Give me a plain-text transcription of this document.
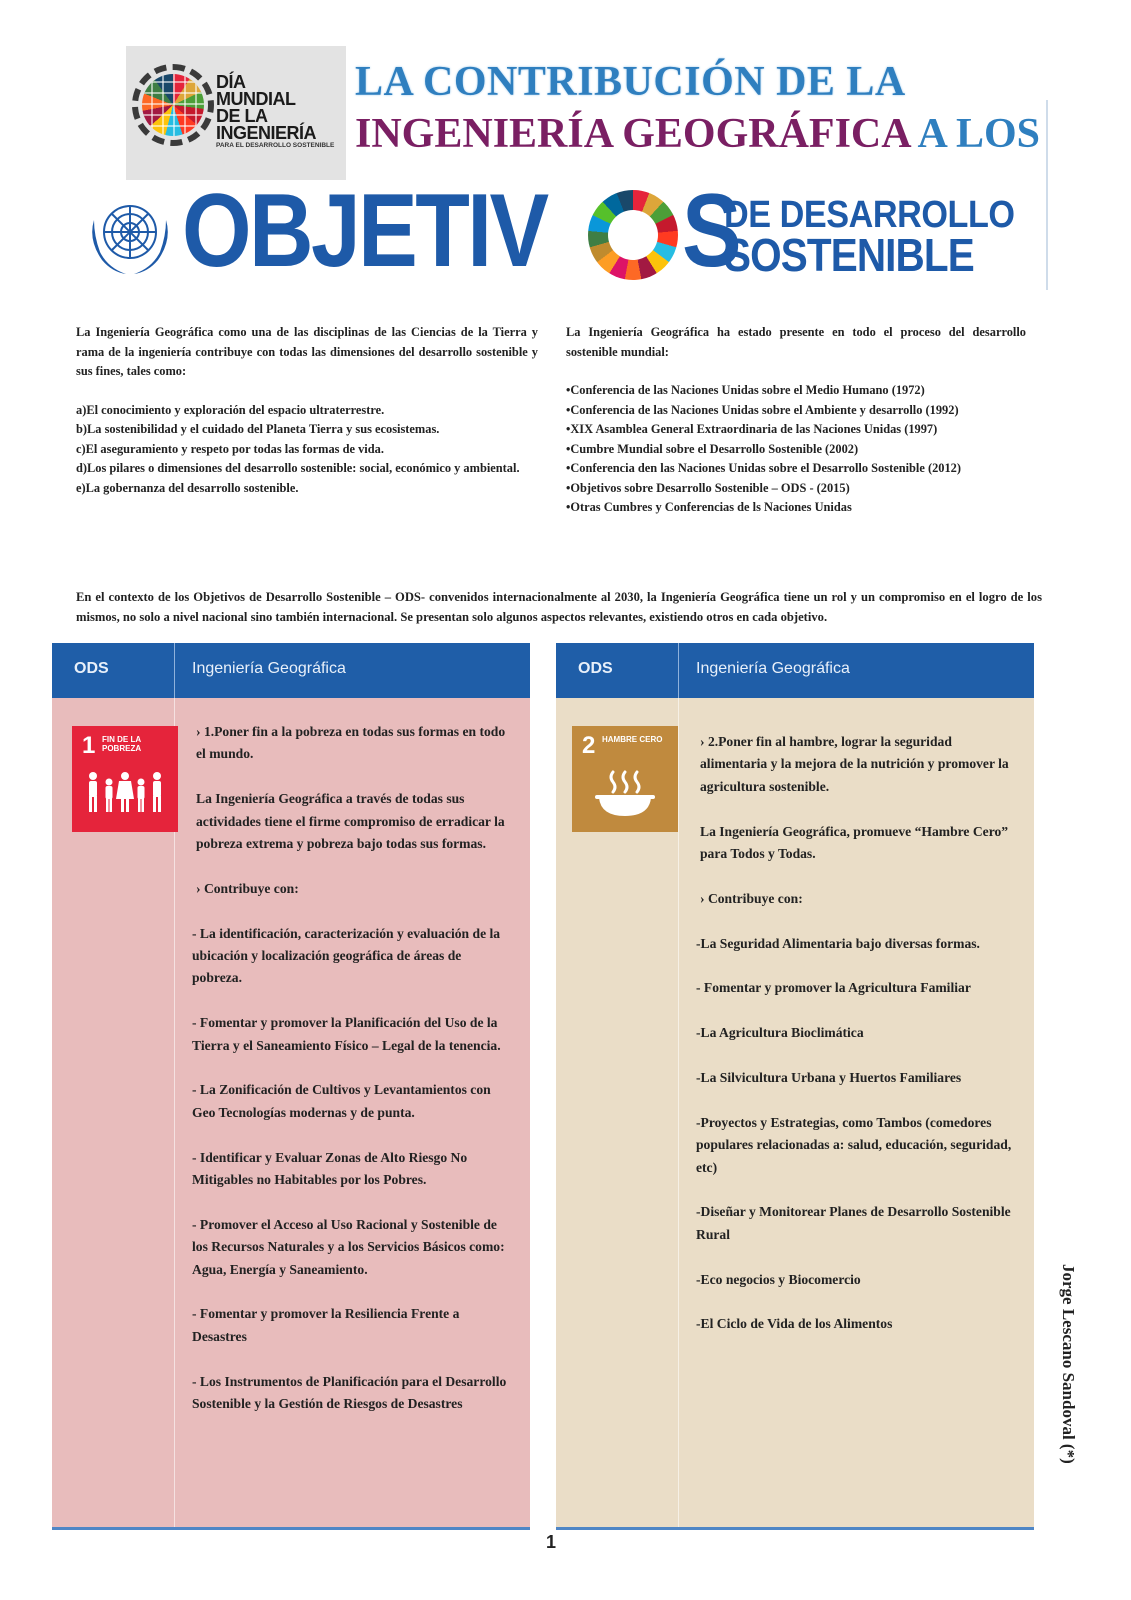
DÍA
MUNDIAL
DE LA INGENIERÍA
PARA EL DESARROLLO SOSTENIBLE
LA CONTRIBUCIÓN DE LA
INGENIERÍA GEOGRÁFICA A LOS
OBJETIV S
DE DESARROLLO
SOSTENIBLE

La Ingeniería Geográfica como una de las disciplinas de las Ciencias de la Tierra y rama de la ingeniería contribuye con todas las dimensiones del desarrollo sostenible y sus fines, tales como:

a)El conocimiento y exploración del espacio ultraterrestre.

b)La sostenibilidad y el cuidado del Planeta Tierra y sus ecosistemas.

c)El aseguramiento y respeto por todas las formas de vida.

d)Los pilares o dimensiones del desarrollo sostenible: social, económico y ambiental.

e)La gobernanza del desarrollo sostenible.

La Ingeniería Geográfica ha estado presente en todo el proceso del desarrollo sostenible mundial:

• Conferencia de las Naciones Unidas sobre el Medio Humano (1972)

• Conferencia de las Naciones Unidas sobre el Ambiente y desarrollo (1992)

• XIX Asamblea General Extraordinaria de las Naciones Unidas (1997)

• Cumbre Mundial sobre el Desarrollo Sostenible (2002)

• Conferencia den las Naciones Unidas sobre el Desarrollo Sostenible (2012)

• Objetivos sobre Desarrollo Sostenible – ODS - (2015)

• Otras Cumbres y Conferencias de ls Naciones Unidas

En el contexto de los Objetivos de Desarrollo Sostenible – ODS- convenidos internacionalmente al 2030, la Ingeniería Geográfica tiene un rol y un compromiso en el logro de los mismos, no solo a nivel nacional sino también internacional. Se presentan solo algunos aspectos relevantes, existiendo otros en cada objetivo.

ODS	Ingeniería Geográfica
1 FIN DE LA POBREZA
› 1.Poner fin a la pobreza en todas sus formas en todo el mundo.
La Ingeniería Geográfica a través de todas sus actividades tiene el firme compromiso de erradicar la pobreza extrema y pobreza bajo todas sus formas.
› Contribuye con:
- La identificación, caracterización y evaluación de la ubicación y localización geográfica de áreas de pobreza.
- Fomentar y promover la Planificación del Uso de la Tierra y el Saneamiento Físico – Legal de la tenencia.
- La Zonificación de Cultivos y Levantamientos con Geo Tecnologías modernas y de punta.
- Identificar y Evaluar Zonas de Alto Riesgo No Mitigables no Habitables por los Pobres.
- Promover el Acceso al Uso Racional y Sostenible de los Recursos Naturales y a los Servicios Básicos como: Agua, Energía y Saneamiento.
- Fomentar y promover la Resiliencia Frente a Desastres
- Los Instrumentos de Planificación para el Desarrollo Sostenible y la Gestión de Riesgos de Desastres
ODS	Ingeniería Geográfica
2 HAMBRE CERO
›	2.Poner fin al hambre, lograr la seguridad alimentaria y la mejora de la nutrición y promover la agricultura sostenible.
La Ingeniería Geográfica, promueve “Hambre Cero” para Todos y Todas.
› Contribuye con:
-La Seguridad Alimentaria bajo diversas formas.
- Fomentar y promover la Agricultura Familiar
-La Agricultura Bioclimática
-La Silvicultura Urbana y Huertos Familiares
-Proyectos y Estrategias, como Tambos (comedores populares relacionadas a: salud, educación, seguridad, etc)
-Diseñar y Monitorear Planes de Desarrollo Sostenible Rural
-Eco negocios y Biocomercio
-El Ciclo de Vida de los Alimentos	Jorge Lescano Sandoval (*)
1
